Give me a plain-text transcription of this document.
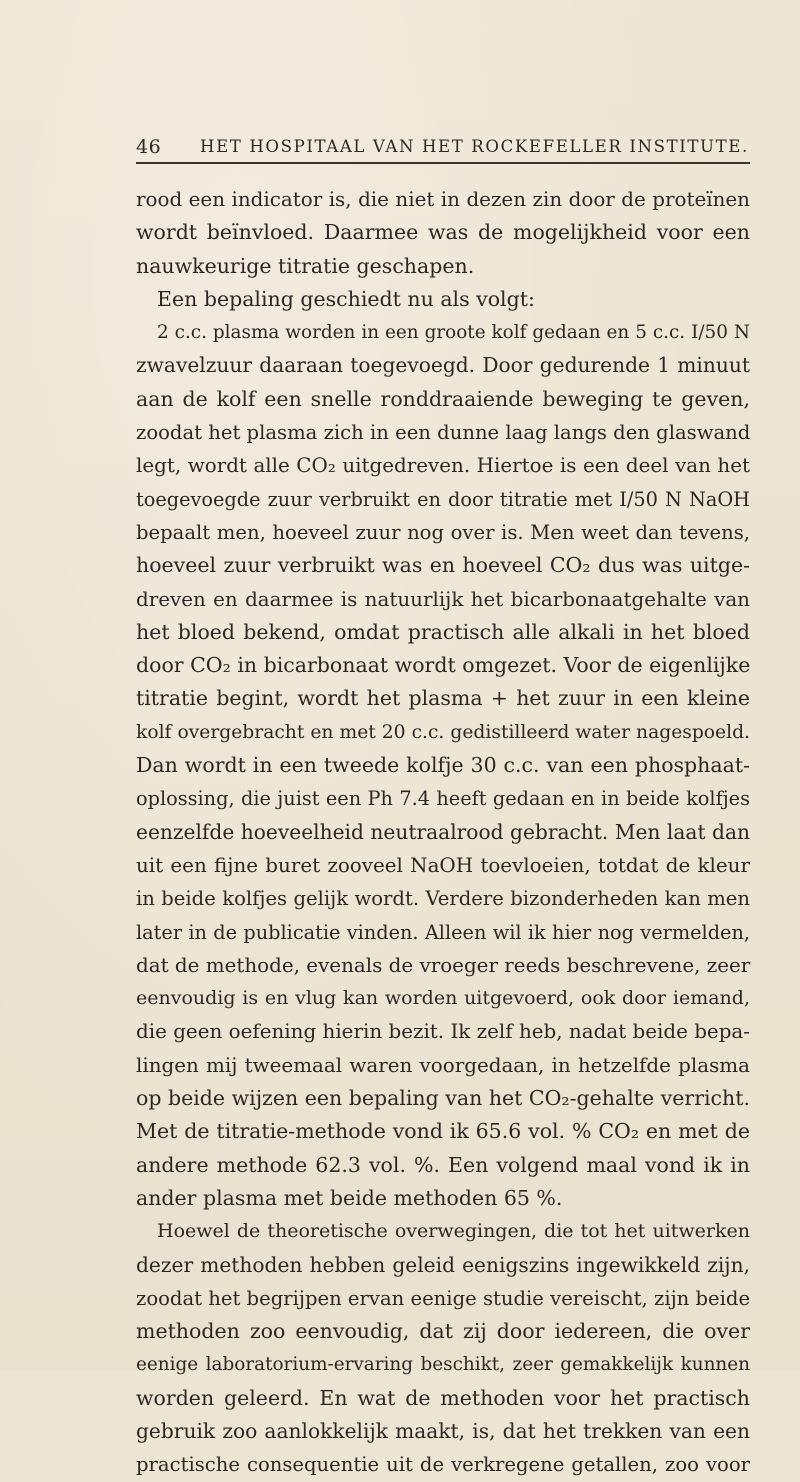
46 HET HOSPITAAL VAN HET ROCKEFELLER INSTITUTE.
rood een indicator is, die niet in dezen zin door de proteïnen
wordt beïnvloed. Daarmee was de mogelijkheid voor een
nauwkeurige titratie geschapen.
Een bepaling geschiedt nu als volgt:
2 c.c. plasma worden in een groote kolf gedaan en 5 c.c. I/50 N
zwavelzuur daaraan toegevoegd. Door gedurende 1 minuut
aan de kolf een snelle ronddraaiende beweging te geven,
zoodat het plasma zich in een dunne laag langs den glaswand
legt, wordt alle CO₂ uitgedreven. Hiertoe is een deel van het
toegevoegde zuur verbruikt en door titratie met I/50 N NaOH
bepaalt men, hoeveel zuur nog over is. Men weet dan tevens,
hoeveel zuur verbruikt was en hoeveel CO₂ dus was uitge-
dreven en daarmee is natuurlijk het bicarbonaatgehalte van
het bloed bekend, omdat practisch alle alkali in het bloed
door CO₂ in bicarbonaat wordt omgezet. Voor de eigenlijke
titratie begint, wordt het plasma + het zuur in een kleine
kolf overgebracht en met 20 c.c. gedistilleerd water nagespoeld.
Dan wordt in een tweede kolfje 30 c.c. van een phosphaat-
oplossing, die juist een Ph 7.4 heeft gedaan en in beide kolfjes
eenzelfde hoeveelheid neutraalrood gebracht. Men laat dan
uit een fijne buret zooveel NaOH toevloeien, totdat de kleur
in beide kolfjes gelijk wordt. Verdere bizonderheden kan men
later in de publicatie vinden. Alleen wil ik hier nog vermelden,
dat de methode, evenals de vroeger reeds beschrevene, zeer
eenvoudig is en vlug kan worden uitgevoerd, ook door iemand,
die geen oefening hierin bezit. Ik zelf heb, nadat beide bepa-
lingen mij tweemaal waren voorgedaan, in hetzelfde plasma
op beide wijzen een bepaling van het CO₂-gehalte verricht.
Met de titratie-methode vond ik 65.6 vol. % CO₂ en met de
andere methode 62.3 vol. %. Een volgend maal vond ik in
ander plasma met beide methoden 65 %.
Hoewel de theoretische overwegingen, die tot het uitwerken
dezer methoden hebben geleid eenigszins ingewikkeld zijn,
zoodat het begrijpen ervan eenige studie vereischt, zijn beide
methoden zoo eenvoudig, dat zij door iedereen, die over
eenige laboratorium-ervaring beschikt, zeer gemakkelijk kunnen
worden geleerd. En wat de methoden voor het practisch
gebruik zoo aanlokkelijk maakt, is, dat het trekken van een
practische consequentie uit de verkregene getallen, zoo voor
